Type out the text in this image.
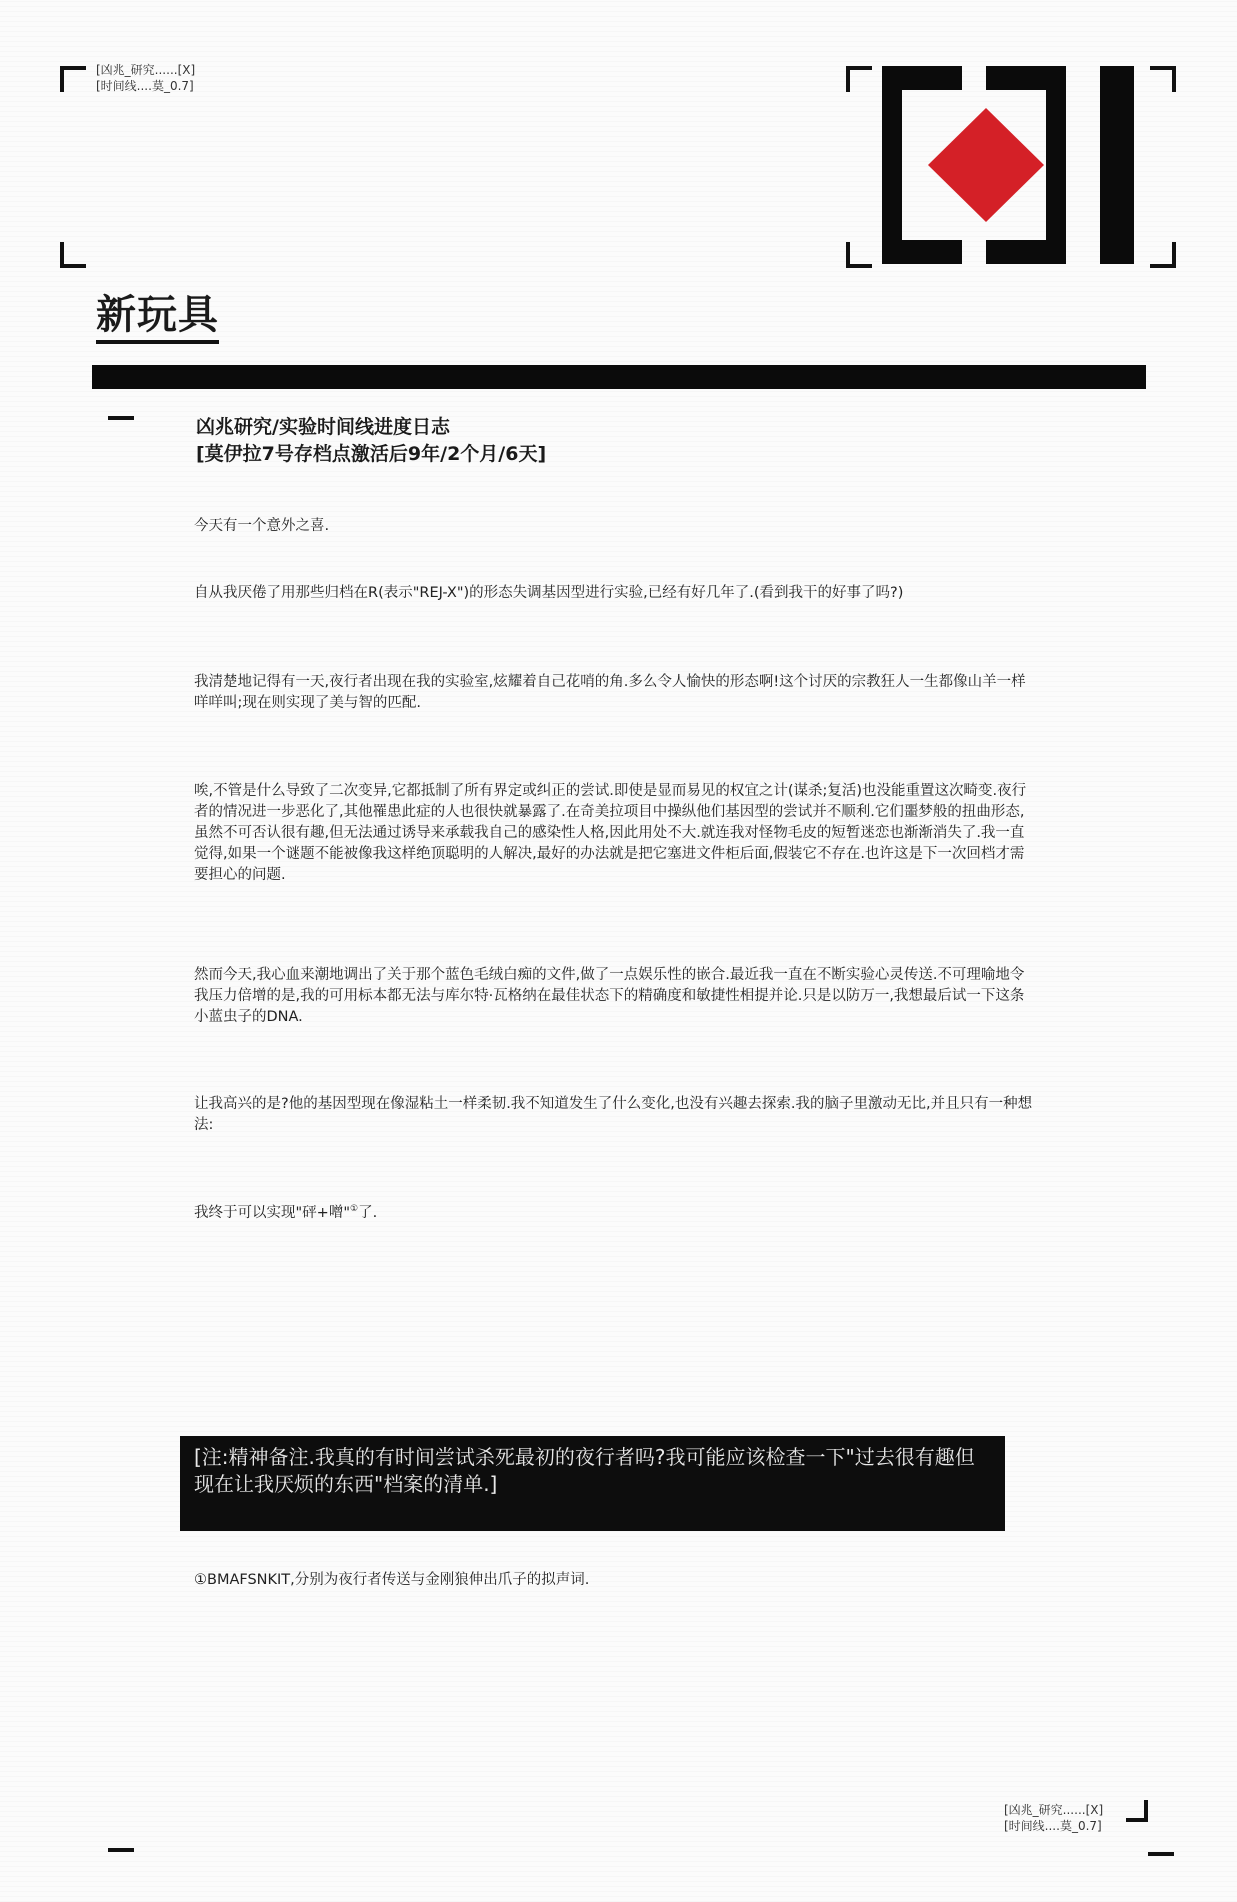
[凶兆_研究......[X]
[时间线....莫_0.7]
新玩具
凶兆研究/实验时间线进度日志
[莫伊拉7号存档点激活后9年/2个月/6天]
今天有一个意外之喜.
自从我厌倦了用那些归档在R(表示"REJ-X")的形态失调基因型进行实验,已经有好几年了.(看到我干的好事了吗?)
我清楚地记得有一天,夜行者出现在我的实验室,炫耀着自己花哨的角.多么令人愉快的形态啊!这个讨厌的宗教狂人一生都像山羊一样咩咩叫;现在则实现了美与智的匹配.
唉,不管是什么导致了二次变异,它都抵制了所有界定或纠正的尝试.即使是显而易见的权宜之计(谋杀;复活)也没能重置这次畸变.夜行者的情况进一步恶化了,其他罹患此症的人也很快就暴露了.在奇美拉项目中操纵他们基因型的尝试并不顺利.它们噩梦般的扭曲形态,虽然不可否认很有趣,但无法通过诱导来承载我自己的感染性人格,因此用处不大.就连我对怪物毛皮的短暂迷恋也渐渐消失了.我一直觉得,如果一个谜题不能被像我这样绝顶聪明的人解决,最好的办法就是把它塞进文件柜后面,假装它不存在.也许这是下一次回档才需要担心的问题.
然而今天,我心血来潮地调出了关于那个蓝色毛绒白痴的文件,做了一点娱乐性的嵌合.最近我一直在不断实验心灵传送.不可理喻地令我压力倍增的是,我的可用标本都无法与库尔特·瓦格纳在最佳状态下的精确度和敏捷性相提并论.只是以防万一,我想最后试一下这条小蓝虫子的DNA.
让我高兴的是?他的基因型现在像湿粘土一样柔韧.我不知道发生了什么变化,也没有兴趣去探索.我的脑子里激动无比,并且只有一种想法:
我终于可以实现"砰+噌"①了.
[注:精神备注.我真的有时间尝试杀死最初的夜行者吗?我可能应该检查一下"过去很有趣但现在让我厌烦的东西"档案的清单.]
①BMAFSNKIT,分别为夜行者传送与金刚狼伸出爪子的拟声词.
[凶兆_研究......[X]
[时间线....莫_0.7]
